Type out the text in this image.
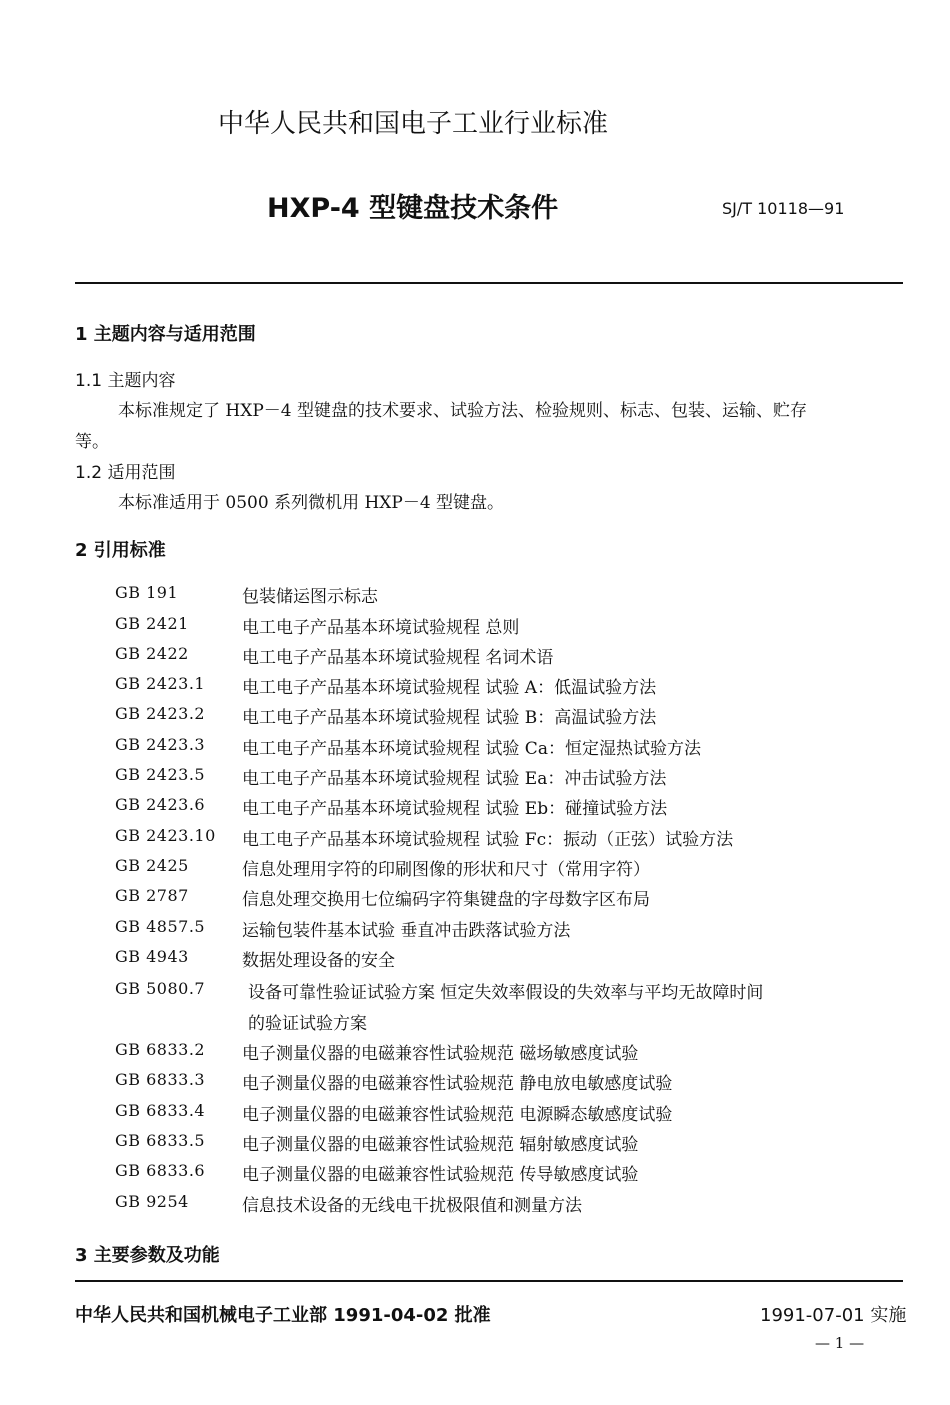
中华人民共和国电子工业行业标准
HXP-4 型键盘技术条件	SJ/T 10118—91
1 主题内容与适用范围
1.1 主题内容
本标准规定了 HXP－4 型键盘的技术要求、试验方法、检验规则、标志、包装、运输、贮存
等。
1.2 适用范围
本标准适用于 0500 系列微机用 HXP－4 型键盘。
2 引用标准
GB 191	包装储运图示标志
GB 2421	电工电子产品基本环境试验规程 总则
GB 2422	电工电子产品基本环境试验规程 名词术语
GB 2423.1 电工电子产品基本环境试验规程 试验 A：低温试验方法
GB 2423.2 电工电子产品基本环境试验规程 试验 B：高温试验方法
GB 2423.3 电工电子产品基本环境试验规程 试验 Ca：恒定湿热试验方法
GB 2423.5 电工电子产品基本环境试验规程 试验 Ea：冲击试验方法
GB 2423.6 电工电子产品基本环境试验规程 试验 Eb：碰撞试验方法
GB 2423.10 电工电子产品基本环境试验规程 试验 Fc：振动（正弦）试验方法
GB 2425	信息处理用字符的印刷图像的形状和尺寸（常用字符）
GB 2787	信息处理交换用七位编码字符集键盘的字母数字区布局
GB 4857.5 运输包装件基本试验 垂直冲击跌落试验方法
GB 4943	数据处理设备的安全
GB 5080.7	设备可靠性验证试验方案 恒定失效率假设的失效率与平均无故障时间
的验证试验方案
GB 6833.2 电子测量仪器的电磁兼容性试验规范 磁场敏感度试验
GB 6833.3 电子测量仪器的电磁兼容性试验规范 静电放电敏感度试验
GB 6833.4 电子测量仪器的电磁兼容性试验规范 电源瞬态敏感度试验
GB 6833.5 电子测量仪器的电磁兼容性试验规范 辐射敏感度试验
GB 6833.6 电子测量仪器的电磁兼容性试验规范 传导敏感度试验
GB 9254	信息技术设备的无线电干扰极限值和测量方法
3 主要参数及功能
中华人民共和国机械电子工业部 1991-04-02 批准	1991-07-01 实施
— 1 —
